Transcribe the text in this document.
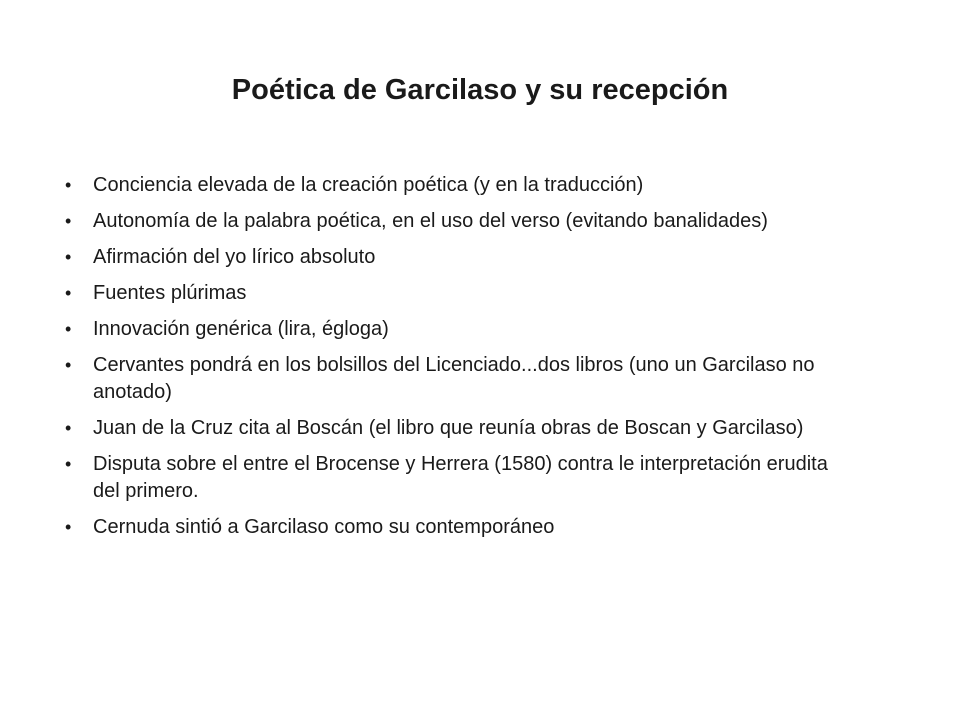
Poética de Garcilaso y su recepción
•	Conciencia elevada de la creación poética (y en la traducción)
•	Autonomía de la palabra poética, en el uso del verso (evitando banalidades)
•	Afirmación del yo lírico absoluto
•	Fuentes plúrimas
•	Innovación genérica (lira, égloga)
•	Cervantes pondrá en los bolsillos del Licenciado...dos libros (uno un Garcilaso no anotado)
•	Juan de la Cruz cita al Boscán (el libro que reunía obras de Boscan y Garcilaso)
•	Disputa sobre el entre el Brocense y Herrera (1580) contra le interpretación erudita del primero.
•	Cernuda sintió a Garcilaso como su contemporáneo
